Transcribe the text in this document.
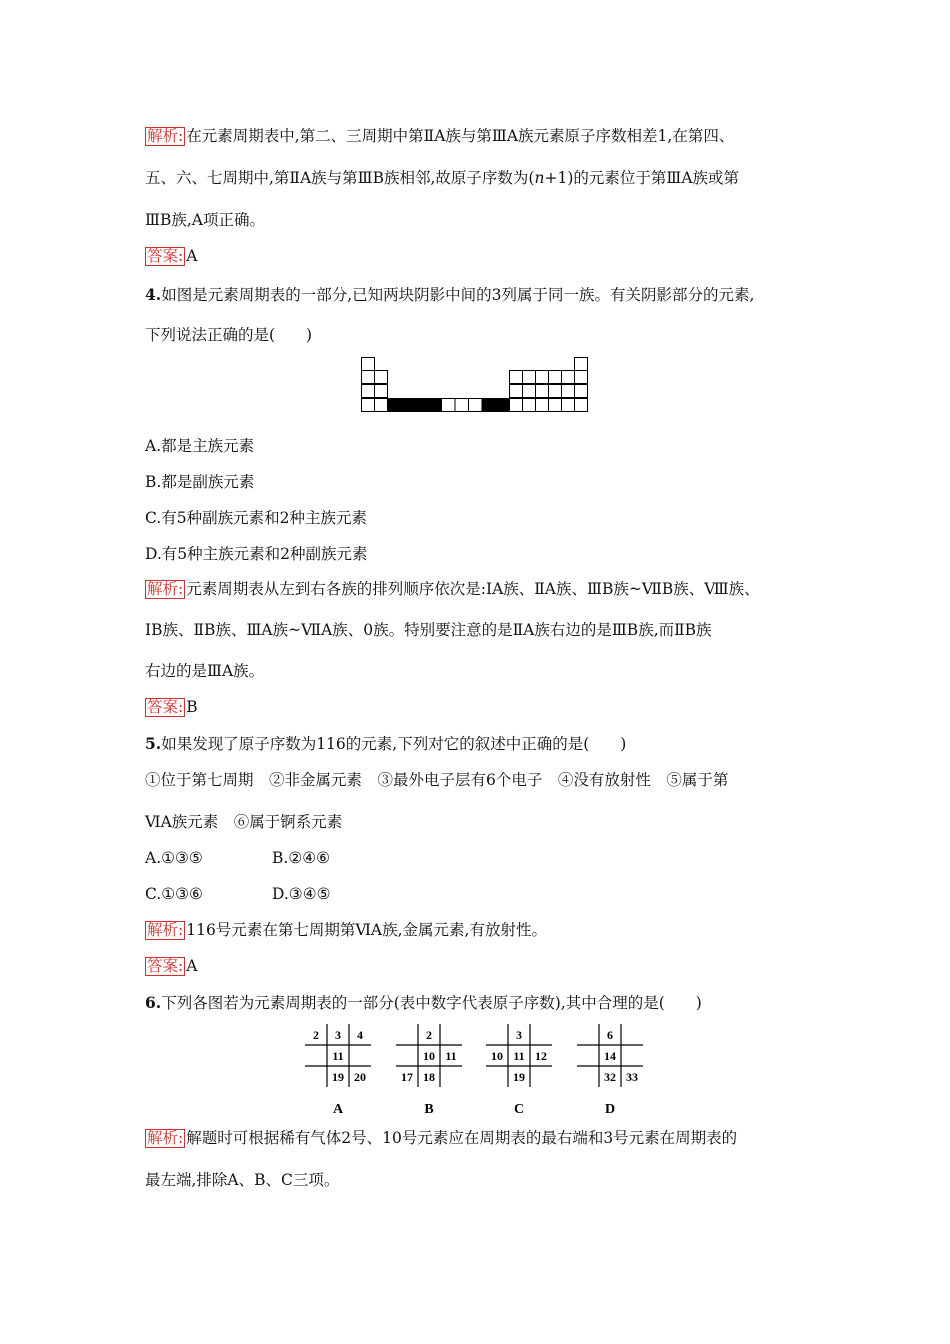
解析: 在元素周期表中,第二、三周期中第ⅡA族与第ⅢA族元素原子序数相差1,在第四、
五、六、七周期中,第ⅡA族与第ⅢB族相邻,故原子序数为(n+1)的元素位于第ⅢA族或第
ⅢB族,A项正确。
答案: A
4.如图是元素周期表的一部分,已知两块阴影中间的3列属于同一族。有关阴影部分的元素,
下列说法正确的是(　　)
A.都是主族元素
B.都是副族元素
C.有5种副族元素和2种主族元素
D.有5种主族元素和2种副族元素
解析: 元素周期表从左到右各族的排列顺序依次是:ⅠA族、ⅡA族、ⅢB族~ⅦB族、Ⅷ族、
ⅠB族、ⅡB族、ⅢA族~ⅦA族、0族。特别要注意的是ⅡA族右边的是ⅢB族,而ⅡB族
右边的是ⅢA族。
答案: B
5.如果发现了原子序数为116的元素,下列对它的叙述中正确的是(　　)
①位于第七周期　②非金属元素　③最外电子层有6个电子　④没有放射性　⑤属于第
ⅥA族元素　⑥属于锕系元素
A.①③⑤	B.②④⑥
C.①③⑥	D.③④⑤
解析: 116号元素在第七周期第ⅥA族,金属元素,有放射性。
答案: A
6.下列各图若为元素周期表的一部分(表中数字代表原子序数),其中合理的是(　　)
2 3 4
11
19 20
A
2
10 11
17 18
B
3
10 11 12
19
C
6
14
32 33
D
解析: 解题时可根据稀有气体2号、10号元素应在周期表的最右端和3号元素在周期表的
最左端,排除A、B、C三项。
